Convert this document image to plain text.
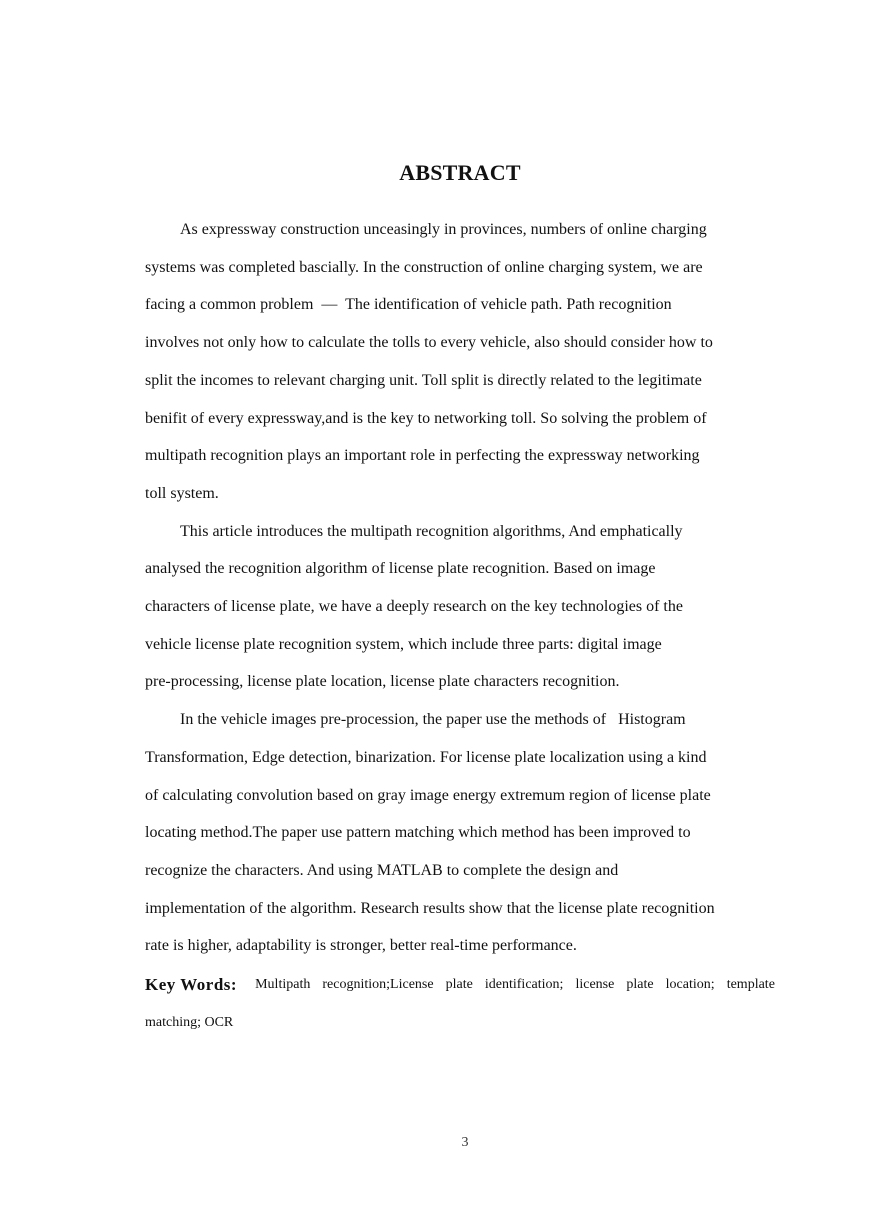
ABSTRACT

As expressway construction unceasingly in provinces, numbers of online charging
systems was completed bascially. In the construction of online charging system, we are
facing a common problem  —  The identification of vehicle path. Path recognition
involves not only how to calculate the tolls to every vehicle, also should consider how to
split the incomes to relevant charging unit. Toll split is directly related to the legitimate
benifit of every expressway,and is the key to networking toll. So solving the problem of
multipath recognition plays an important role in perfecting the expressway networking
toll system.

This article introduces the multipath recognition algorithms, And emphatically
analysed the recognition algorithm of license plate recognition. Based on image
characters of license plate, we have a deeply research on the key technologies of the
vehicle license plate recognition system, which include three parts: digital image
pre-processing, license plate location, license plate characters recognition.

In the vehicle images pre-procession, the paper use the methods of   Histogram
Transformation, Edge detection, binarization. For license plate localization using a kind
of calculating convolution based on gray image energy extremum region of license plate
locating method.The paper use pattern matching which method has been improved to
recognize the characters. And using MATLAB to complete the design and
implementation of the algorithm. Research results show that the license plate recognition
rate is higher, adaptability is stronger, better real-time performance.

Key Words: Multipath recognition;License plate identification; license plate location; template
matching; OCR
3
